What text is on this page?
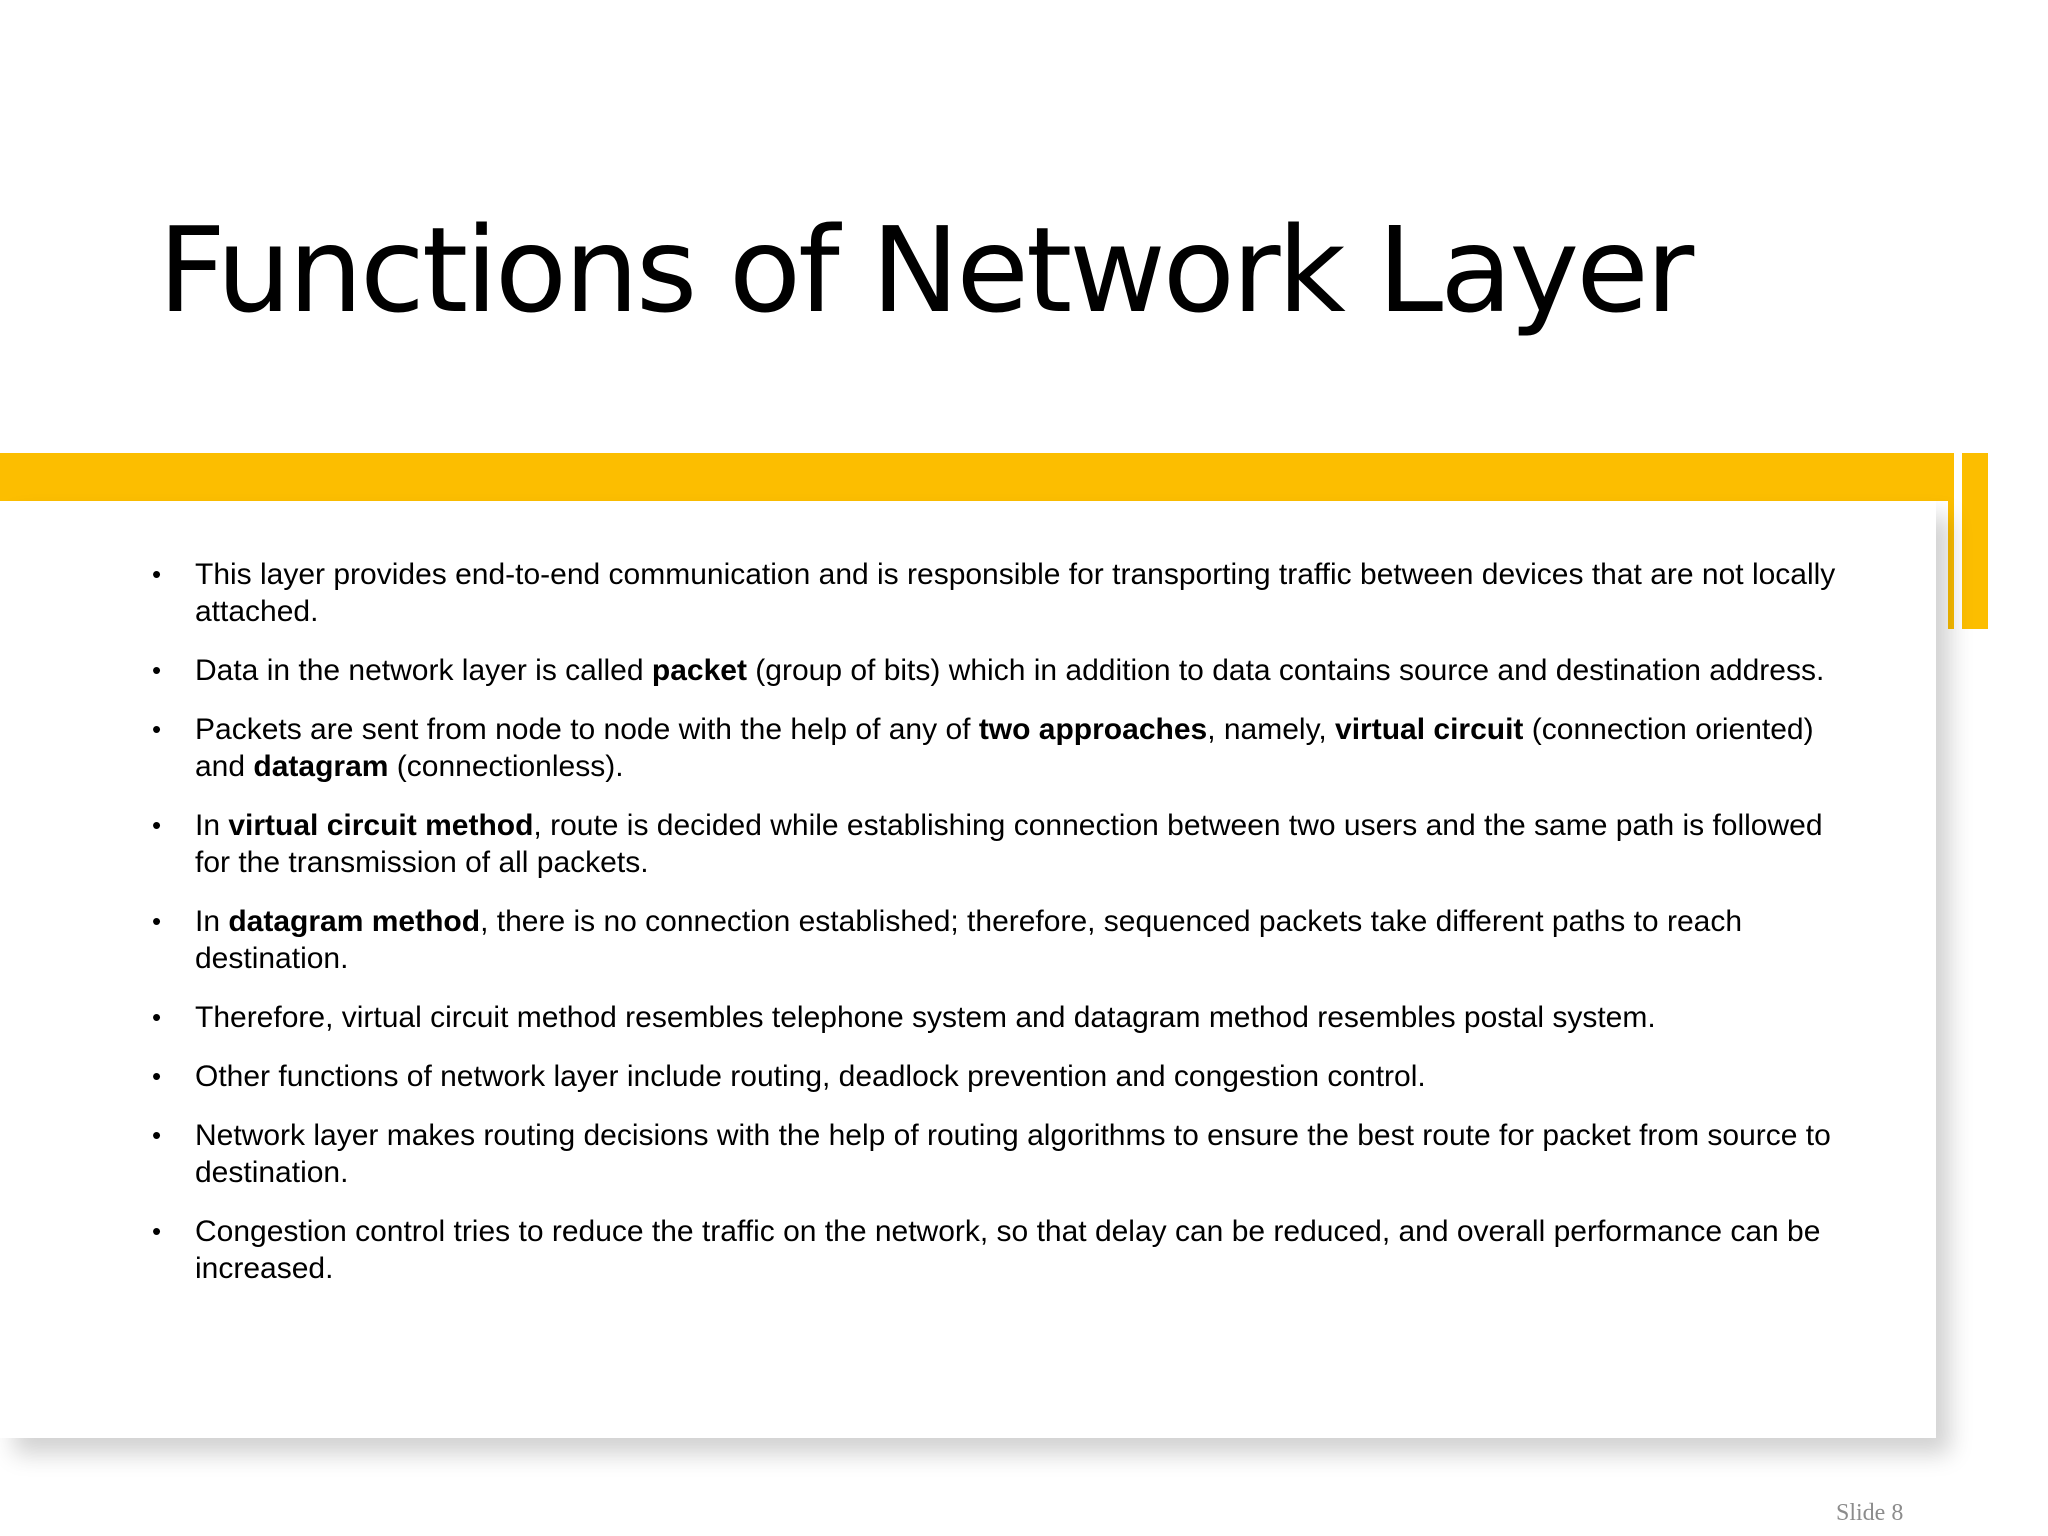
Functions of Network Layer
• This layer provides end-to-end communication and is responsible for transporting traffic between devices that are not locally attached.
• Data in the network layer is called packet (group of bits) which in addition to data contains source and destination address.
• Packets are sent from node to node with the help of any of two approaches, namely, virtual circuit (connection oriented) and datagram (connectionless).
• In virtual circuit method, route is decided while establishing connection between two users and the same path is followed for the transmission of all packets.
• In datagram method, there is no connection established; therefore, sequenced packets take different paths to reach destination.
• Therefore, virtual circuit method resembles telephone system and datagram method resembles postal system.
• Other functions of network layer include routing, deadlock prevention and congestion control.
• Network layer makes routing decisions with the help of routing algorithms to ensure the best route for packet from source to destination.
• Congestion control tries to reduce the traffic on the network, so that delay can be reduced, and overall performance can be increased.
Slide 8
